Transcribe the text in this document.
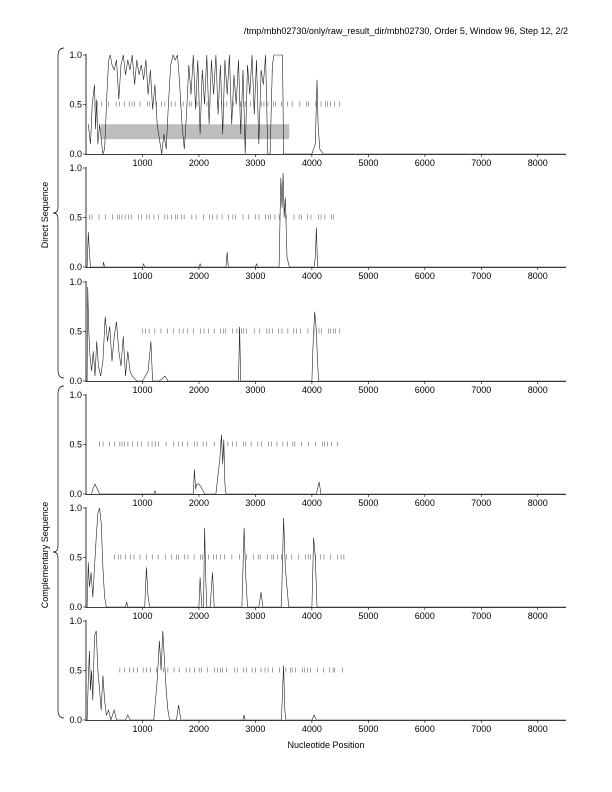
/tmp/mbh02730/only/raw_result_dir/mbh02730, Order 5, Window 96, Step 12, 2/2
0.0
0.5
1.0
1000	2000	3000	4000	5000	6000	7000	8000
0.0
0.5
1.0
1000	2000	3000	4000	5000	6000	7000	8000
0.0
0.5
1.0
1000	2000	3000	4000	5000	6000	7000	8000
0.0
0.5
1.0
1000	2000	3000	4000	5000	6000	7000	8000
0.0
0.5
1.0
1000	2000	3000	4000	5000	6000	7000	8000
0.0
0.5
1.0
1000	2000	3000	4000	5000	6000	7000	8000
Direct Sequence
Complementary Sequence
Nucleotide Position
